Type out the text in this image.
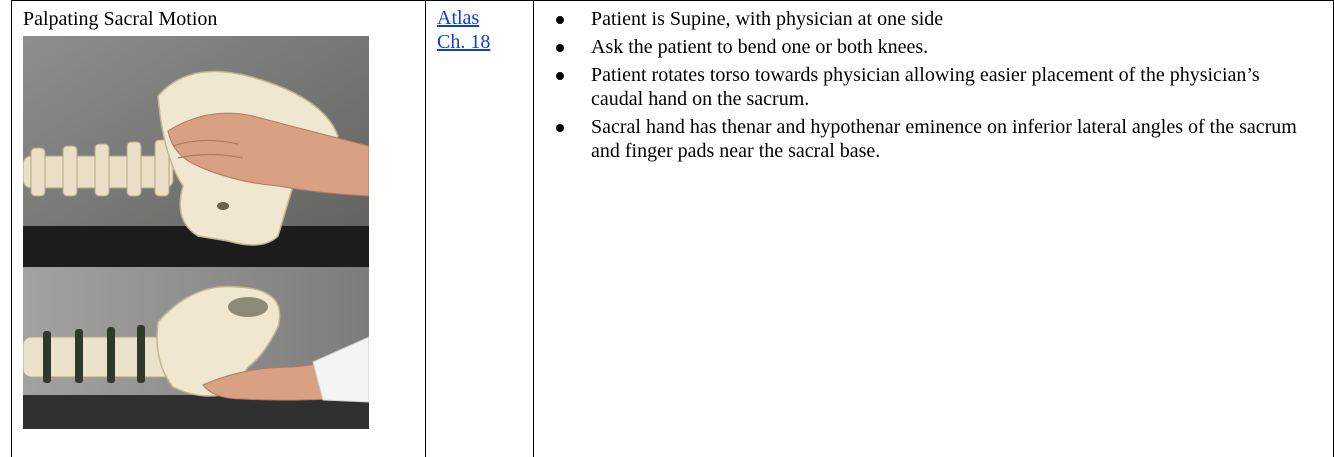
Palpating Sacral Motion	Atlas
Ch. 18
Patient is Supine, with physician at one side
Ask the patient to bend one or both knees.
Patient rotates torso towards physician allowing easier placement of the physician’s caudal hand on the sacrum.
Sacral hand has thenar and hypothenar eminence on inferior lateral angles of the sacrum and finger pads near the sacral base.
